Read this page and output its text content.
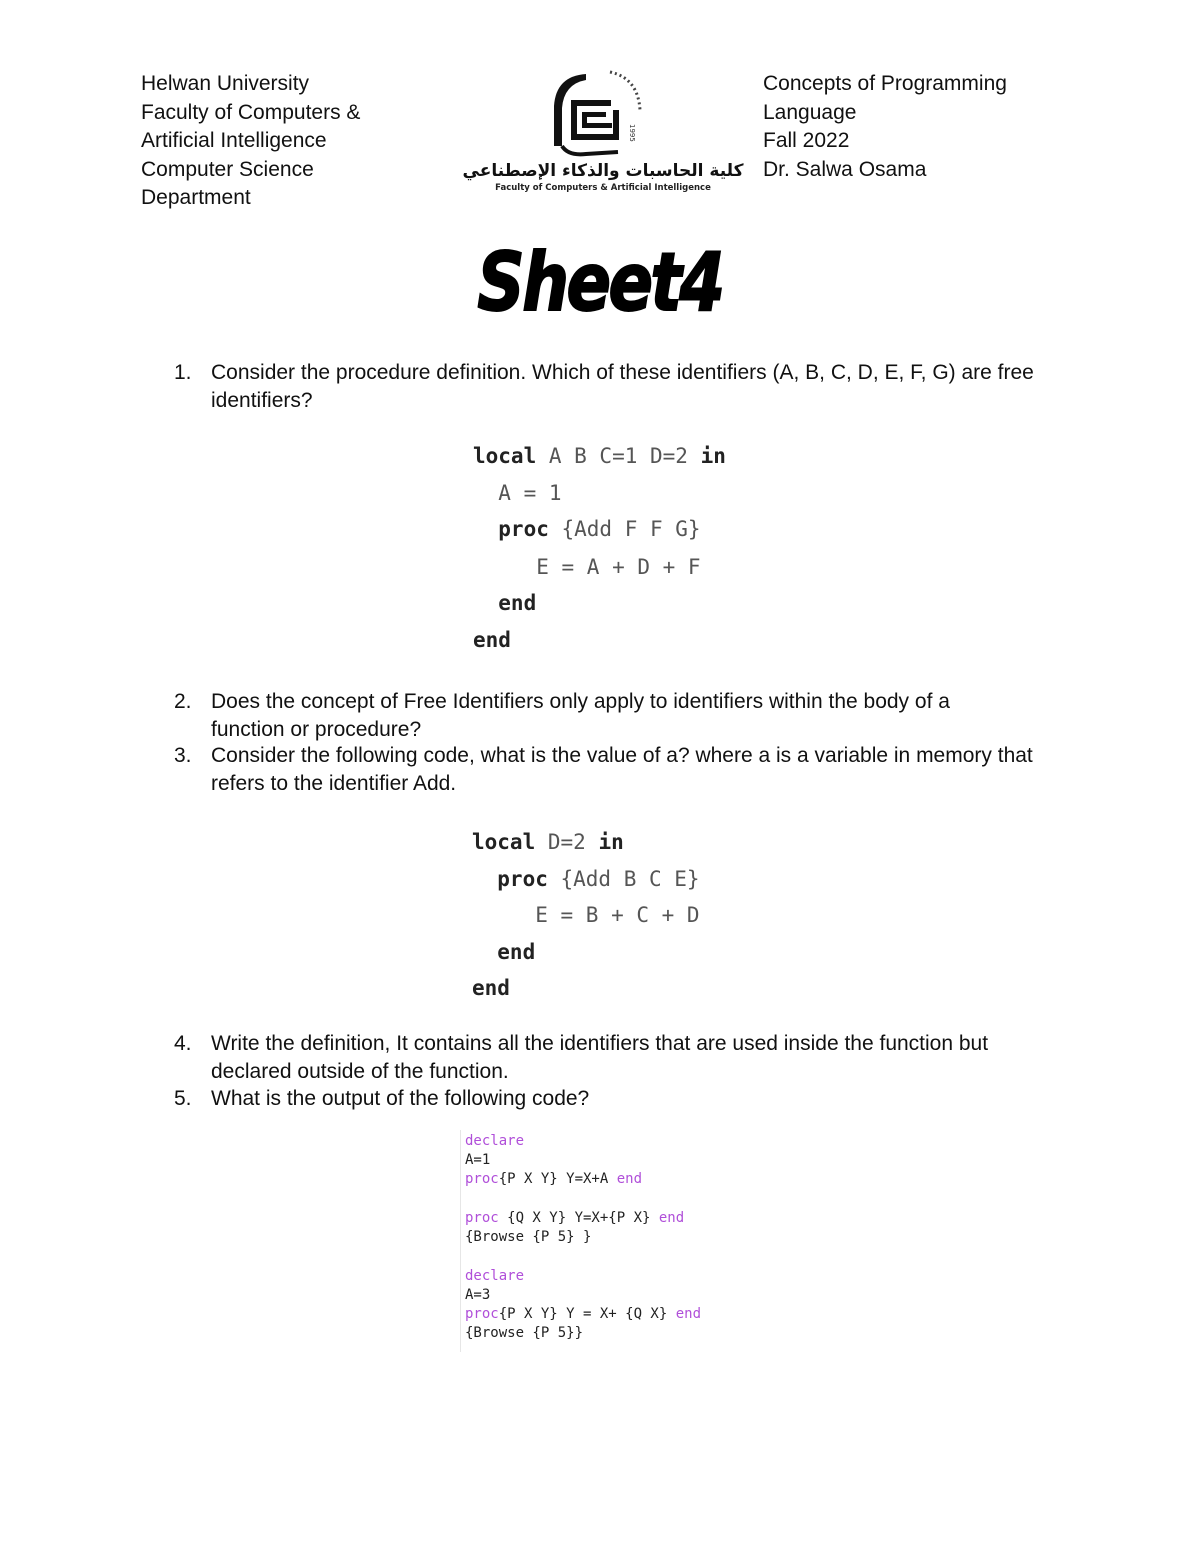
Helwan University
Faculty of Computers &
Artificial Intelligence
Computer Science
Department
1995
كلية الحاسبات والذكاء الإصطناعي
Faculty of Computers & Artificial Intelligence
Concepts of Programming
Language
Fall 2022
Dr. Salwa Osama
Sheet4
1. Consider the procedure definition. Which of these identifiers (A, B, C, D, E, F, G) are free
identifiers?
local A B C=1 D=2 in
A = 1
proc {Add F F G}
E = A + D + F
end
end
2. Does the concept of Free Identifiers only apply to identifiers within the body of a
function or procedure?
3. Consider the following code, what is the value of a? where a is a variable in memory that
refers to the identifier Add.
local D=2 in
proc {Add B C E}
E = B + C + D
end
end
4. Write the definition, It contains all the identifiers that are used inside the function but
declared outside of the function.
5. What is the output of the following code?
declare
A=1
proc{P X Y} Y=X+A end
proc {Q X Y} Y=X+{P X} end
{Browse {P 5} }
declare
A=3
proc{P X Y} Y = X+ {Q X} end
{Browse {P 5}}
